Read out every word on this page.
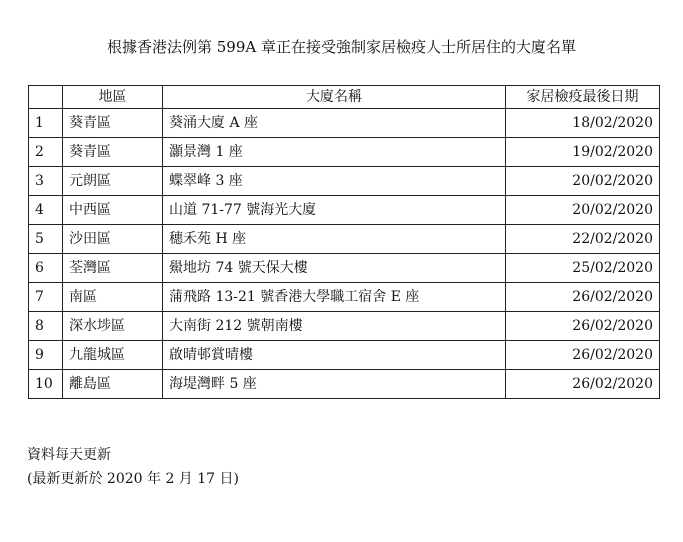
根據香港法例第 599A 章正在接受強制家居檢疫人士所居住的大廈名單
	地區	大廈名稱	家居檢疫最後日期
1	葵青區	葵涌大廈 A 座	18/02/2020
2	葵青區	灝景灣 1 座	19/02/2020
3	元朗區	蝶翠峰 3 座	20/02/2020
4	中西區	山道 71-77 號海光大廈	20/02/2020
5	沙田區	穗禾苑 H 座	22/02/2020
6	荃灣區	鱟地坊 74 號天保大樓	25/02/2020
7	南區	蒲飛路 13-21 號香港大學職工宿舍 E 座	26/02/2020
8	深水埗區	大南街 212 號朝南樓	26/02/2020
9	九龍城區	啟晴邨賞晴樓	26/02/2020
10	離島區	海堤灣畔 5 座	26/02/2020
資料每天更新
(最新更新於 2020 年 2 月 17 日)
